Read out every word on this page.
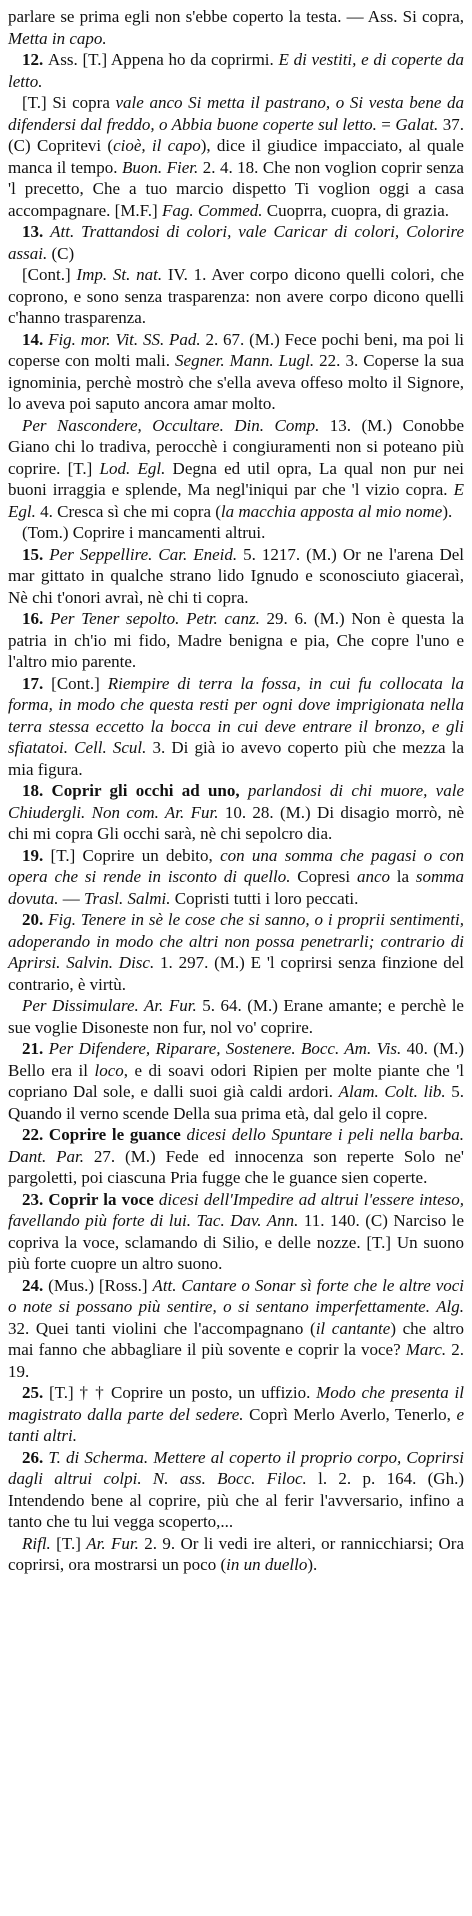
parlare se prima egli non s'ebbe coperto la testa. — Ass. Si copra, Metta in capo.

12. Ass. [T.] Appena ho da coprirmi. E di vestiti, e di coperte da letto.

[T.] Si copra vale anco Si metta il pastrano, o Si vesta bene da difendersi dal freddo, o Abbia buone coperte sul letto. = Galat. 37. (C) Copritevi (cioè, il capo), dice il giudice impacciato, al quale manca il tempo. Buon. Fier. 2. 4. 18. Che non voglion coprir senza 'l precetto, Che a tuo marcio dispetto Ti voglion oggi a casa accompagnare. [M.F.] Fag. Commed. Cuoprra, cuopra, di grazia.

13. Att. Trattandosi di colori, vale Caricar di colori, Colorire assai. (C)

[Cont.] Imp. St. nat. IV. 1. Aver corpo dicono quelli colori, che coprono, e sono senza trasparenza: non avere corpo dicono quelli c'hanno trasparenza.

14. Fig. mor. Vit. SS. Pad. 2. 67. (M.) Fece pochi beni, ma poi li coperse con molti mali. Segner. Mann. Lugl. 22. 3. Coperse la sua ignominia, perchè mostrò che s'ella aveva offeso molto il Signore, lo aveva poi saputo ancora amar molto.

Per Nascondere, Occultare. Din. Comp. 13. (M.) Conobbe Giano chi lo tradiva, perocchè i congiuramenti non si poteano più coprire. [T.] Lod. Egl. Degna ed util opra, La qual non pur nei buoni irraggia e splende, Ma negl'iniqui par che 'l vizio copra. E Egl. 4. Cresca sì che mi copra (la macchia apposta al mio nome).

(Tom.) Coprire i mancamenti altrui.

15. Per Seppellire. Car. Eneid. 5. 1217. (M.) Or ne l'arena Del mar gittato in qualche strano lido Ignudo e sconosciuto giaceraì, Nè chi t'onori avraì, nè chi ti copra.

16. Per Tener sepolto. Petr. canz. 29. 6. (M.) Non è questa la patria in ch'io mi fido, Madre benigna e pia, Che copre l'uno e l'altro mio parente.

17. [Cont.] Riempire di terra la fossa, in cui fu collocata la forma, in modo che questa resti per ogni dove imprigionata nella terra stessa eccetto la bocca in cui deve entrare il bronzo, e gli sfiatatoi. Cell. Scul. 3. Di già io avevo coperto più che mezza la mia figura.

18. Coprir gli occhi ad uno, parlandosi di chi muore, vale Chiudergli. Non com. Ar. Fur. 10. 28. (M.) Di disagio morrò, nè chi mi copra Gli occhi sarà, nè chi sepolcro dia.

19. [T.] Coprire un debito, con una somma che pagasi o con opera che si rende in isconto di quello. Copresi anco la somma dovuta. — Trasl. Salmi. Copristi tutti i loro peccati.

20. Fig. Tenere in sè le cose che si sanno, o i proprii sentimenti, adoperando in modo che altri non possa penetrarli; contrario di Aprirsi. Salvin. Disc. 1. 297. (M.) E 'l coprirsi senza finzione del contrario, è virtù.

Per Dissimulare. Ar. Fur. 5. 64. (M.) Erane amante; e perchè le sue voglie Disoneste non fur, nol vo' coprire.

21. Per Difendere, Riparare, Sostenere. Bocc. Am. Vis. 40. (M.) Bello era il loco, e di soavi odori Ripien per molte piante che 'l copriano Dal sole, e dalli suoi già caldi ardori. Alam. Colt. lib. 5. Quando il verno scende Della sua prima età, dal gelo il copre.

22. Coprire le guance dicesi dello Spuntare i peli nella barba. Dant. Par. 27. (M.) Fede ed innocenza son reperte Solo ne' pargoletti, poi ciascuna Pria fugge che le guance sien coperte.

23. Coprir la voce dicesi dell'Impedire ad altrui l'essere inteso, favellando più forte di lui. Tac. Dav. Ann. 11. 140. (C) Narciso le copriva la voce, sclamando di Silio, e delle nozze. [T.] Un suono più forte cuopre un altro suono.

24. (Mus.) [Ross.] Att. Cantare o Sonar sì forte che le altre voci o note si possano più sentire, o si sentano imperfettamente. Alg. 32. Quei tanti violini che l'accompagnano (il cantante) che altro mai fanno che abbagliare il più sovente e coprir la voce? Marc. 2. 19.

25. [T.] † † Coprire un posto, un uffizio. Modo che presenta il magistrato dalla parte del sedere. Coprì Merlo Averlo, Tenerlo, e tanti altri.

26. T. di Scherma. Mettere al coperto il proprio corpo, Coprirsi dagli altrui colpi. N. ass. Bocc. Filoc. l. 2. p. 164. (Gh.) Intendendo bene al coprire, più che al ferir l'avversario, infino a tanto che tu lui vegga scoperto,...

Rifl. [T.] Ar. Fur. 2. 9. Or li vedi ire alteri, or rannicchiarsi; Ora coprirsi, ora mostrarsi un poco (in un duello).
